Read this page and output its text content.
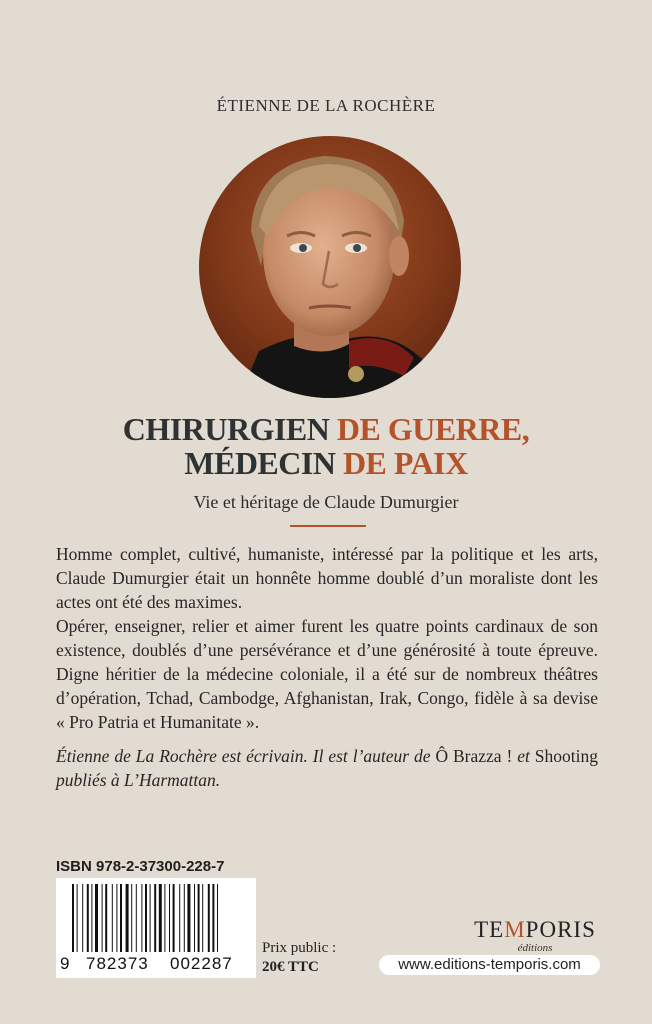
ÉTIENNE DE LA ROCHÈRE
CHIRURGIEN DE GUERRE,
MÉDECIN DE PAIX
Vie et héritage de Claude Dumurgier

Homme complet, cultivé, humaniste, intéressé par la politique et les arts, Claude Dumurgier était un honnête homme doublé d’un moraliste dont les actes ont été des maximes.

Opérer, enseigner, relier et aimer furent les quatre points cardinaux de son existence, doublés d’une persévérance et d’une générosité à toute épreuve. Digne héritier de la médecine coloniale, il a été sur de nombreux théâtres d’opération, Tchad, Cambodge, Afghanistan, Irak, Congo, fidèle à sa devise « Pro Patria et Humanitate ».

Étienne de La Rochère est écrivain. Il est l’auteur de Ô Brazza ! et Shooting publiés à L’Harmattan.

ISBN 978-2-37300-228-7
9 782373 002287
Prix public :
20€ TTC
TEMPORIS
éditions
www.editions-temporis.com
